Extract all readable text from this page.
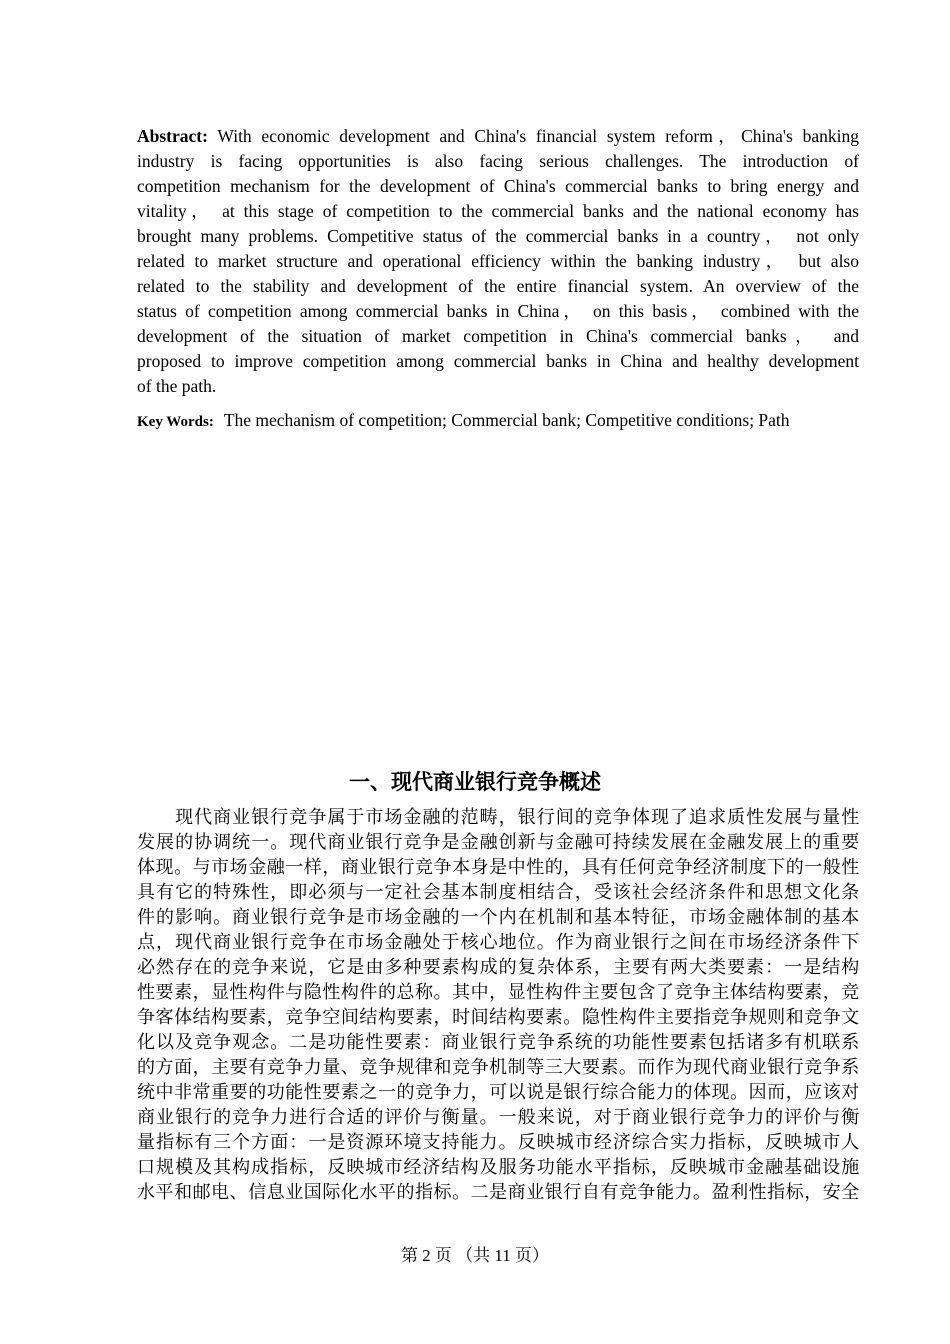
Abstract: With economic development and China's financial system reform，China's banking
industry is facing opportunities is also facing serious challenges. The introduction of
competition mechanism for the development of China's commercial banks to bring energy and
vitality， at this stage of competition to the commercial banks and the national economy has
brought many problems. Competitive status of the commercial banks in a country， not only
related to market structure and operational efficiency within the banking industry， but also
related to the stability and development of the entire financial system. An overview of the
status of competition among commercial banks in China， on this basis， combined with the
development of the situation of market competition in China's commercial banks， and
proposed to improve competition among commercial banks in China and healthy development
of the path.
Key Words: The mechanism of competition; Commercial bank; Competitive conditions; Path
一、现代商业银行竞争概述
　　现代商业银行竞争属于市场金融的范畴，银行间的竞争体现了追求质性发展与量性
发展的协调统一。现代商业银行竞争是金融创新与金融可持续发展在金融发展上的重要
体现。与市场金融一样，商业银行竞争本身是中性的，具有任何竞争经济制度下的一般性
具有它的特殊性，即必须与一定社会基本制度相结合，受该社会经济条件和思想文化条
件的影响。商业银行竞争是市场金融的一个内在机制和基本特征，市场金融体制的基本
点，现代商业银行竞争在市场金融处于核心地位。作为商业银行之间在市场经济条件下
必然存在的竞争来说，它是由多种要素构成的复杂体系，主要有两大类要素：一是结构
性要素，显性构件与隐性构件的总称。其中，显性构件主要包含了竞争主体结构要素，竞
争客体结构要素，竞争空间结构要素，时间结构要素。隐性构件主要指竞争规则和竞争文
化以及竞争观念。二是功能性要素：商业银行竞争系统的功能性要素包括诸多有机联系
的方面，主要有竞争力量、竞争规律和竞争机制等三大要素。而作为现代商业银行竞争系
统中非常重要的功能性要素之一的竞争力，可以说是银行综合能力的体现。因而，应该对
商业银行的竞争力进行合适的评价与衡量。一般来说，对于商业银行竞争力的评价与衡
量指标有三个方面：一是资源环境支持能力。反映城市经济综合实力指标，反映城市人
口规模及其构成指标，反映城市经济结构及服务功能水平指标，反映城市金融基础设施
水平和邮电、信息业国际化水平的指标。二是商业银行自有竞争能力。盈利性指标，安全
第 2 页 （共 11 页）
